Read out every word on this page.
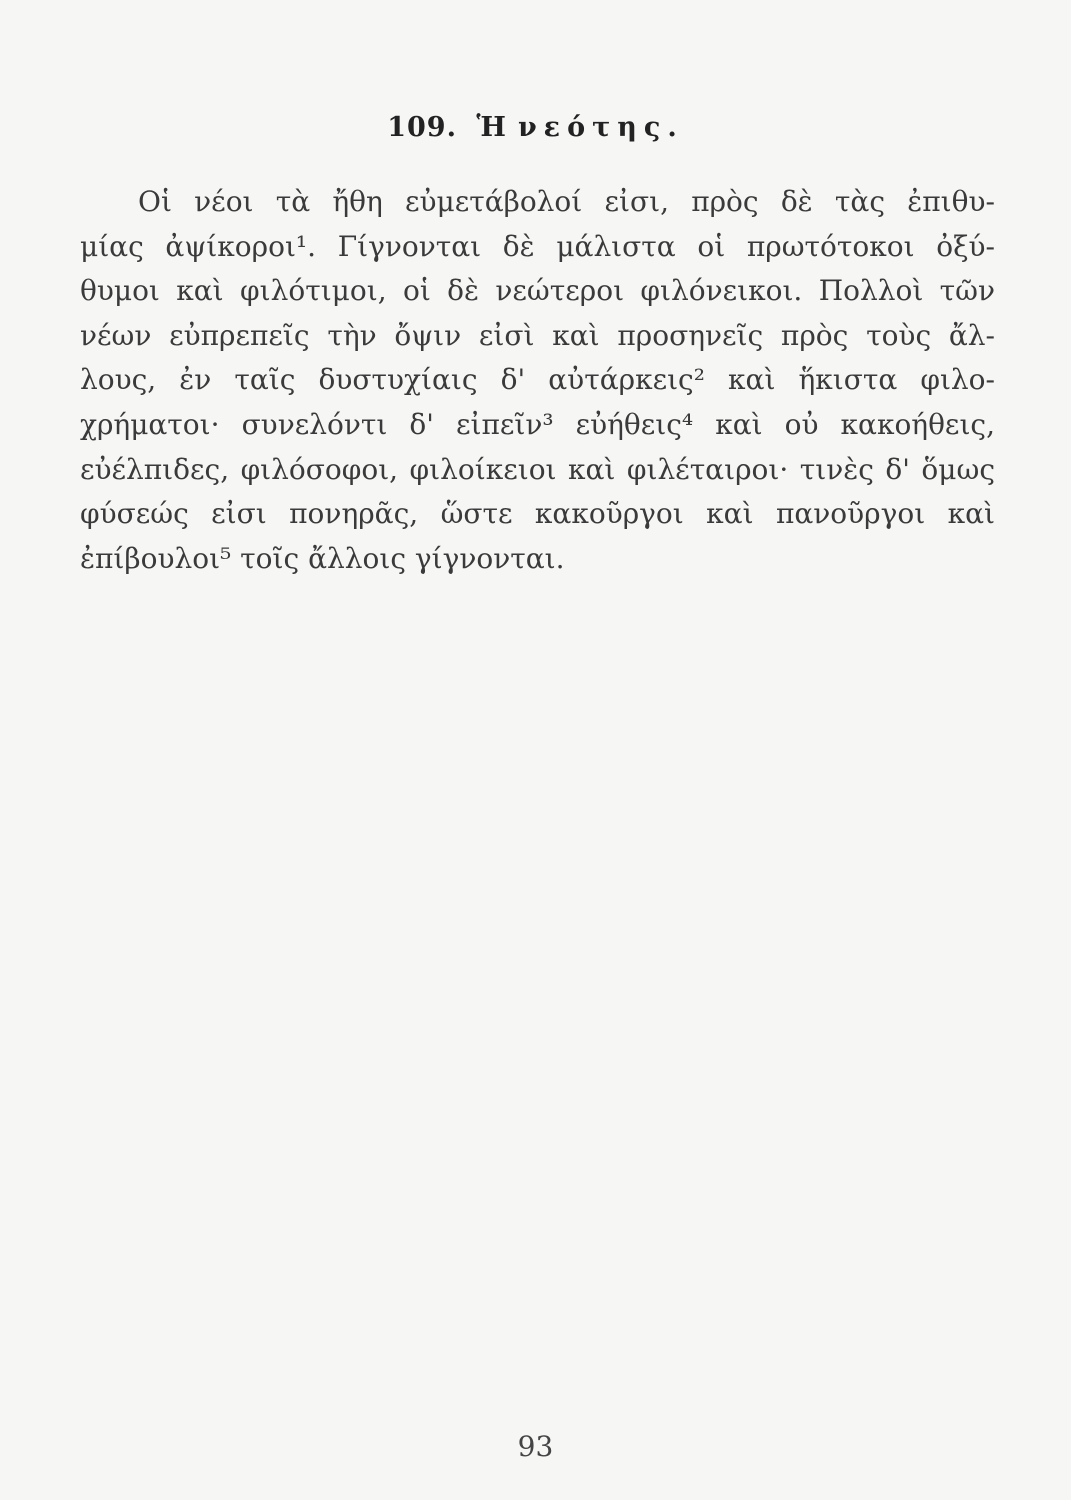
109. Ἡνεότης.
Οἱ νέοι τὰ ἤθη εὐμετάβολοί εἰσι, πρὸς δὲ τὰς ἐπιθυ-
μίας ἀψίκοροι¹. Γίγνονται δὲ μάλιστα οἱ πρωτότοκοι ὀξύ-
θυμοι καὶ φιλότιμοι, οἱ δὲ νεώτεροι φιλόνεικοι. Πολλοὶ τῶν
νέων εὐπρεπεῖς τὴν ὄψιν εἰσὶ καὶ προσηνεῖς πρὸς τοὺς ἄλ-
λους, ἐν ταῖς δυστυχίαις δ' αὐτάρκεις² καὶ ἥκιστα φιλο-
χρήματοι· συνελόντι δ' εἰπεῖν³ εὐήθεις⁴ καὶ οὐ κακοήθεις,
εὐέλπιδες, φιλόσοφοι, φιλοίκειοι καὶ φιλέταιροι· τινὲς δ' ὅμως
φύσεώς εἰσι πονηρᾶς, ὥστε κακοῦργοι καὶ πανοῦργοι καὶ
ἐπίβουλοι⁵ τοῖς ἄλλοις γίγνονται.
93
